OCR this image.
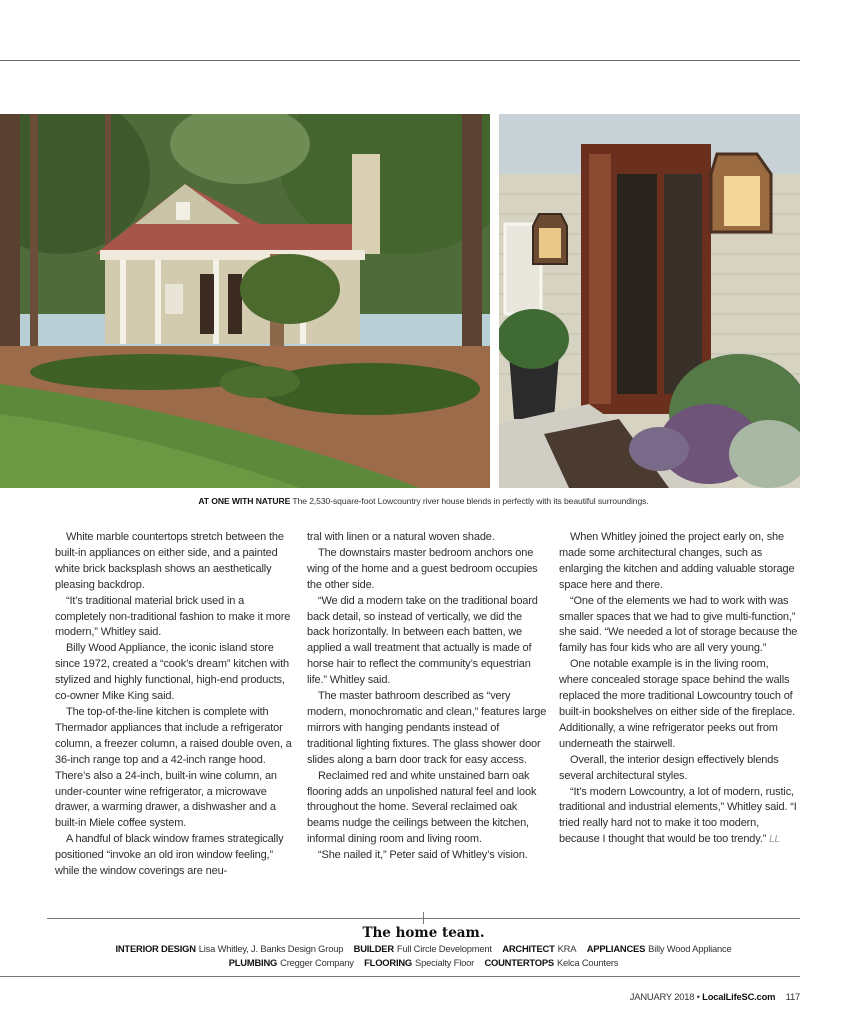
AT ONE WITH NATURE The 2,530-square-foot Lowcountry river house blends in perfectly with its beautiful surroundings.

White marble countertops stretch between the built-in appliances on either side, and a painted white brick backsplash shows an aesthetically pleasing backdrop.

“It’s traditional material brick used in a completely non-traditional fashion to make it more modern,” Whitley said.

Billy Wood Appliance, the iconic island store since 1972, created a “cook’s dream” kitchen with stylized and highly functional, high-end products, co-owner Mike King said.

The top-of-the-line kitchen is complete with Thermador appliances that include a refrigerator column, a freezer column, a raised double oven, a 36-inch range top and a 42-inch range hood. There’s also a 24-inch, built-in wine column, an under-counter wine refrigerator, a microwave drawer, a warming drawer, a dishwasher and a built-in Miele coffee system.

A handful of black window frames strategically positioned “invoke an old iron window feeling,” while the window coverings are neu-

tral with linen or a natural woven shade.

The downstairs master bedroom anchors one wing of the home and a guest bedroom occupies the other side.

“We did a modern take on the traditional board back detail, so instead of vertically, we did the back horizontally. In between each batten, we applied a wall treatment that actually is made of horse hair to reflect the community’s equestrian life.” Whitley said.

The master bathroom described as “very modern, monochromatic and clean,” features large mirrors with hanging pendants instead of traditional lighting fixtures. The glass shower door slides along a barn door track for easy access.

Reclaimed red and white unstained barn oak flooring adds an unpolished natural feel and look throughout the home. Several reclaimed oak beams nudge the ceilings between the kitchen, informal dining room and living room.

“She nailed it,” Peter said of Whitley’s vision.

When Whitley joined the project early on, she made some architectural changes, such as enlarging the kitchen and adding valuable storage space here and there.

“One of the elements we had to work with was smaller spaces that we had to give multi-function,” she said. “We needed a lot of storage because the family has four kids who are all very young.”

One notable example is in the living room, where concealed storage space behind the walls replaced the more traditional Lowcountry touch of built-in bookshelves on either side of the fireplace. Additionally, a wine refrigerator peeks out from underneath the stairwell.

Overall, the interior design effectively blends several architectural styles.

“It’s modern Lowcountry, a lot of modern, rustic, traditional and industrial elements,” Whitley said. “I tried really hard not to make it too modern, because I thought that would be too trendy.” LL

The home team.
INTERIOR DESIGN Lisa Whitley, J. Banks Design Group BUILDER Full Circle Development ARCHITECT KRA APPLIANCES Billy Wood Appliance
PLUMBING Cregger Company FLOORING Specialty Floor COUNTERTOPS Kelca Counters
JANUARY 2018 • LocalLifeSC.com 117
